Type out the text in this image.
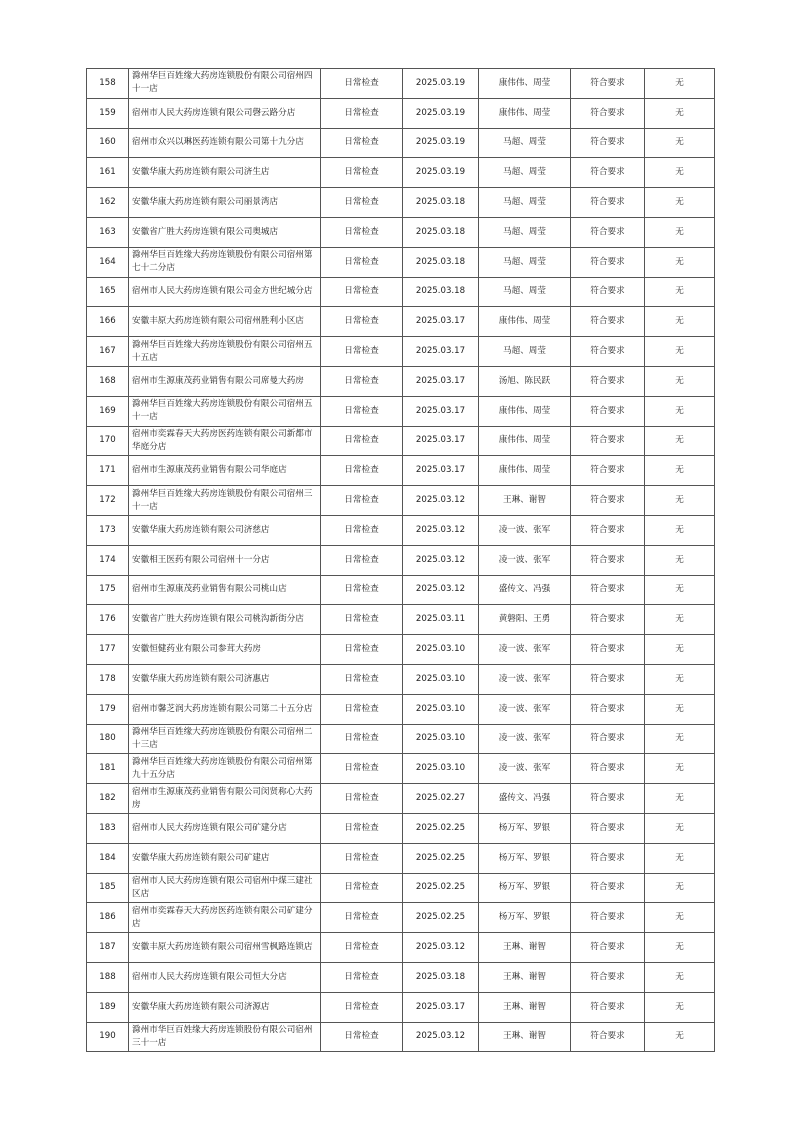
158	滁州华巨百姓缘大药房连锁股份有限公司宿州四十一店	日常检查	2025.03.19	康伟伟、周莹	符合要求	无
159	宿州市人民大药房连锁有限公司磬云路分店	日常检查	2025.03.19	康伟伟、周莹	符合要求	无
160	宿州市众兴以琳医药连锁有限公司第十九分店	日常检查	2025.03.19	马超、周莹	符合要求	无
161	安徽华康大药房连锁有限公司济生店	日常检查	2025.03.19	马超、周莹	符合要求	无
162	安徽华康大药房连锁有限公司丽景湾店	日常检查	2025.03.18	马超、周莹	符合要求	无
163	安徽省广胜大药房连锁有限公司奥城店	日常检查	2025.03.18	马超、周莹	符合要求	无
164	滁州华巨百姓缘大药房连锁股份有限公司宿州第七十二分店	日常检查	2025.03.18	马超、周莹	符合要求	无
165	宿州市人民大药房连锁有限公司金方世纪城分店	日常检查	2025.03.18	马超、周莹	符合要求	无
166	安徽丰原大药房连锁有限公司宿州胜利小区店	日常检查	2025.03.17	康伟伟、周莹	符合要求	无
167	滁州华巨百姓缘大药房连锁股份有限公司宿州五十五店	日常检查	2025.03.17	马超、周莹	符合要求	无
168	宿州市生源康茂药业销售有限公司席曼大药房	日常检查	2025.03.17	汤旭、陈民跃	符合要求	无
169	滁州华巨百姓缘大药房连锁股份有限公司宿州五十一店	日常检查	2025.03.17	康伟伟、周莹	符合要求	无
170	宿州市奕霖春天大药房医药连锁有限公司新都市华庭分店	日常检查	2025.03.17	康伟伟、周莹	符合要求	无
171	宿州市生源康茂药业销售有限公司华庭店	日常检查	2025.03.17	康伟伟、周莹	符合要求	无
172	滁州华巨百姓缘大药房连锁股份有限公司宿州三十一店	日常检查	2025.03.12	王琳、谢智	符合要求	无
173	安徽华康大药房连锁有限公司济慈店	日常检查	2025.03.12	凌一波、张军	符合要求	无
174	安徽相王医药有限公司宿州十一分店	日常检查	2025.03.12	凌一波、张军	符合要求	无
175	宿州市生源康茂药业销售有限公司桃山店	日常检查	2025.03.12	盛传文、冯强	符合要求	无
176	安徽省广胜大药房连锁有限公司桃沟新街分店	日常检查	2025.03.11	黄磐阳、王勇	符合要求	无
177	安徽恒健药业有限公司参茸大药房	日常检查	2025.03.10	凌一波、张军	符合要求	无
178	安徽华康大药房连锁有限公司济惠店	日常检查	2025.03.10	凌一波、张军	符合要求	无
179	宿州市馨芝润大药房连锁有限公司第二十五分店	日常检查	2025.03.10	凌一波、张军	符合要求	无
180	滁州华巨百姓缘大药房连锁股份有限公司宿州二十三店	日常检查	2025.03.10	凌一波、张军	符合要求	无
181	滁州华巨百姓缘大药房连锁股份有限公司宿州第九十五分店	日常检查	2025.03.10	凌一波、张军	符合要求	无
182	宿州市生源康茂药业销售有限公司闵贤称心大药房	日常检查	2025.02.27	盛传文、冯强	符合要求	无
183	宿州市人民大药房连锁有限公司矿建分店	日常检查	2025.02.25	杨万军、罗银	符合要求	无
184	安徽华康大药房连锁有限公司矿建店	日常检查	2025.02.25	杨万军、罗银	符合要求	无
185	宿州市人民大药房连锁有限公司宿州中煤三建社区店	日常检查	2025.02.25	杨万军、罗银	符合要求	无
186	宿州市奕霖春天大药房医药连锁有限公司矿建分店	日常检查	2025.02.25	杨万军、罗银	符合要求	无
187	安徽丰原大药房连锁有限公司宿州雪枫路连锁店	日常检查	2025.03.12	王琳、谢智	符合要求	无
188	宿州市人民大药房连锁有限公司恒大分店	日常检查	2025.03.18	王琳、谢智	符合要求	无
189	安徽华康大药房连锁有限公司济源店	日常检查	2025.03.17	王琳、谢智	符合要求	无
190	滁州市华巨百姓缘大药房连锁股份有限公司宿州三十一店	日常检查	2025.03.12	王琳、谢智	符合要求	无
